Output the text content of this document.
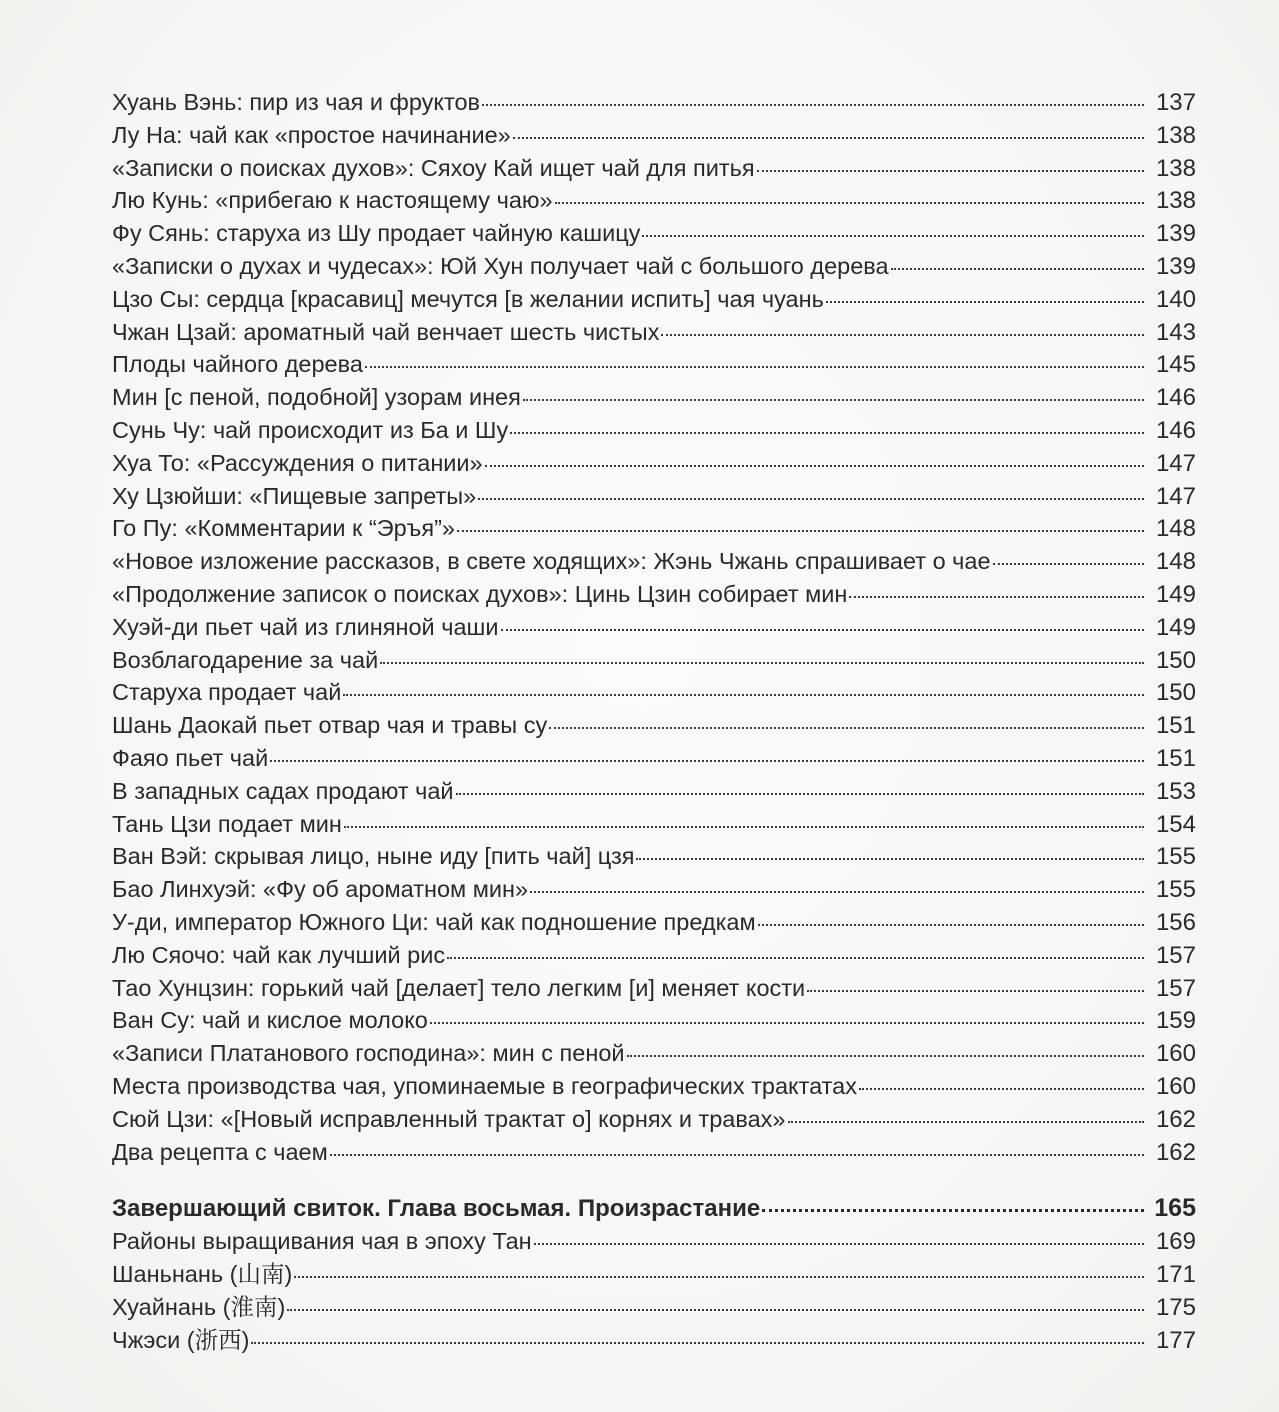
Хуань Вэнь: пир из чая и фруктов	137
Лу На: чай как «простое начинание»	138
«Записки о поисках духов»: Сяхоу Кай ищет чай для питья	138
Лю Кунь: «прибегаю к настоящему чаю»	138
Фу Сянь: старуха из Шу продает чайную кашицу	139
«Записки о духах и чудесах»: Юй Хун получает чай с большого дерева	139
Цзо Сы: сердца [красавиц] мечутся [в желании испить] чая чуань	140
Чжан Цзай: ароматный чай венчает шесть чистых	143
Плоды чайного дерева	145
Мин [с пеной, подобной] узорам инея	146
Сунь Чу: чай происходит из Ба и Шу	146
Хуа То: «Рассуждения о питании»	147
Ху Цзюйши: «Пищевые запреты»	147
Го Пу: «Комментарии к “Эръя”»	148
«Новое изложение рассказов, в свете ходящих»: Жэнь Чжань спрашивает о чае	148
«Продолжение записок о поисках духов»: Цинь Цзин собирает мин	149
Хуэй-ди пьет чай из глиняной чаши	149
Возблагодарение за чай	150
Старуха продает чай	150
Шань Даокай пьет отвар чая и травы су	151
Фаяо пьет чай	151
В западных садах продают чай	153
Тань Цзи подает мин	154
Ван Вэй: скрывая лицо, ныне иду [пить чай] цзя	155
Бао Линхуэй: «Фу об ароматном мин»	155
У-ди, император Южного Ци: чай как подношение предкам	156
Лю Сяочо: чай как лучший рис	157
Тао Хунцзин: горький чай [делает] тело легким [и] меняет кости	157
Ван Су: чай и кислое молоко	159
«Записи Платанового господина»: мин с пеной	160
Места производства чая, упоминаемые в географических трактатах	160
Сюй Цзи: «[Новый исправленный трактат о] корнях и травах»	162
Два рецепта с чаем	162
Завершающий свиток. Глава восьмая. Произрастание	165
Районы выращивания чая в эпоху Тан	169
Шаньнань (山南)	171
Хуайнань (淮南)	175
Чжэси (浙西)	177
